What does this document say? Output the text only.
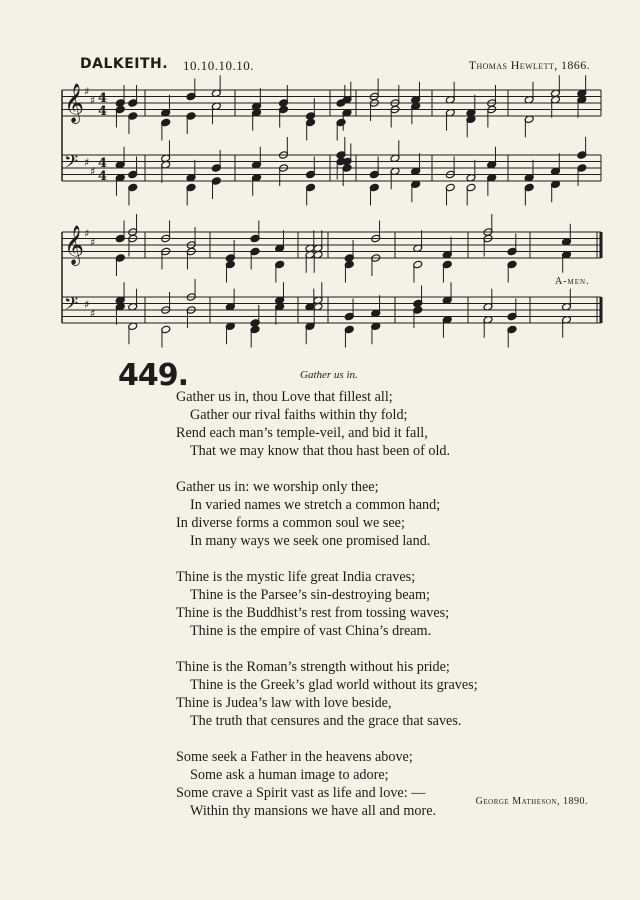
DALKEITH. 10.10.10.10.	Thomas Hewlett, 1866.
𝄞 ♯
♯ 4
4
𝄢 ♯
♯
4
4
𝄞 ♯
♯
𝄢 ♯
♯
A-men.
449.	Gather us in.
Gather us in, thou Love that fillest all;
Gather our rival faiths within thy fold;
Rend each man’s temple-veil, and bid it fall,
That we may know that thou hast been of old.
Gather us in: we worship only thee;
In varied names we stretch a common hand;
In diverse forms a common soul we see;
In many ways we seek one promised land.
Thine is the mystic life great India craves;
Thine is the Parsee’s sin-destroying beam;
Thine is the Buddhist’s rest from tossing waves;
Thine is the empire of vast China’s dream.
Thine is the Roman’s strength without his pride;
Thine is the Greek’s glad world without its graves;
Thine is Judea’s law with love beside,
The truth that censures and the grace that saves.
Some seek a Father in the heavens above;
Some ask a human image to adore;
Some crave a Spirit vast as life and love: —
Within thy mansions we have all and more.
George Matheson, 1890.
